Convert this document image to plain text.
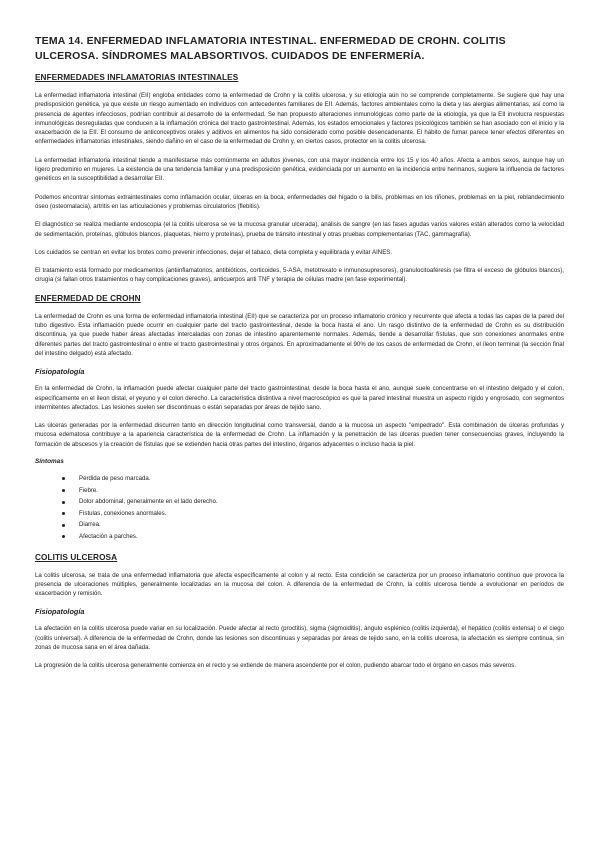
TEMA 14. ENFERMEDAD INFLAMATORIA INTESTINAL. ENFERMEDAD DE CROHN. COLITIS ULCEROSA. SÍNDROMES MALABSORTIVOS. CUIDADOS DE ENFERMERÍA.
ENFERMEDADES INFLAMATORIAS INTESTINALES

La enfermedad inflamatoria intestinal (EII) engloba entidades como la enfermedad de Crohn y la colitis ulcerosa, y su etiología aún no se comprende completamente. Se sugiere que hay una predisposición genética, ya que existe un riesgo aumentado en individuos con antecedentes familiares de EII. Además, factores ambientales como la dieta y las alergias alimentarias, así como la presencia de agentes infecciosos, podrían contribuir al desarrollo de la enfermedad. Se han propuesto alteraciones inmunológicas como parte de la etiología, ya que la EII involucra respuestas inmunológicas desreguladas que conducen a la inflamación crónica del tracto gastrointestinal. Además, los estados emocionales y factores psicológicos también se han asociado con el inicio y la exacerbación de la EII. El consumo de anticonceptivos orales y aditivos en alimentos ha sido considerado como posible desencadenante. El hábito de fumar parece tener efectos diferentes en enfermedades inflamatorias intestinales, siendo dañino en el caso de la enfermedad de Crohn y, en ciertos casos, protector en la colitis ulcerosa.

La enfermedad inflamatoria intestinal tiende a manifestarse más comúnmente en adultos jóvenes, con una mayor incidencia entre los 15 y los 40 años. Afecta a ambos sexos, aunque hay un ligero predominio en mujeres. La existencia de una tendencia familiar y una predisposición genética, evidenciada por un aumento en la incidencia entre hermanos, sugiere la influencia de factores genéticos en la susceptibilidad a desarrollar EII.

Podemos encontrar síntomas extraintestinales como inflamación ocular, úlceras en la boca, enfermedades del hígado o la bilis, problemas en los riñones, problemas en la piel, reblandecimiento óseo (osteomalacia), artritis en las articulaciones y problemas circulatorios (flebitis).

El diagnóstico se realiza mediante endoscopia (el la colitis ulcerosa se ve la mucosa granular ulcerada), análisis de sangre (en las fases agudas varios valores están alterados como la velocidad de sedimentación, proteínas, glóbulos blancos, plaquetas, hierro y proteínas), prueba de tránsito intestinal y otras pruebas complementarias (TAC, gammagrafía).

Los cuidados se centran en evitar los brotes como prevenir infecciones, dejar el tabaco, dieta completa y equilibrada y evitar AINES.

El tratamiento está formado por medicamentos (antiinflamatorios, antibióticos, corticoides, 5-ASA, metotrexato e inmunosupresores), granulocitoaféresis (se filtra el exceso de glóbulos blancos), cirugía (si fallan otros tratamientos o hay complicaciones graves), anticuerpos anti TNF y terapia de células madre (en fase experimental).

ENFERMEDAD DE CROHN

La enfermedad de Crohn es una forma de enfermedad inflamatoria intestinal (EII) que se caracteriza por un proceso inflamatorio crónico y recurrente que afecta a todas las capas de la pared del tubo digestivo. Esta inflamación puede ocurrir en cualquier parte del tracto gastrointestinal, desde la boca hasta el ano. Un rasgo distintivo de la enfermedad de Crohn es su distribución discontinua, ya que puede haber áreas afectadas intercaladas con zonas de intestino aparentemente normales. Además, tiende a desarrollar fístulas, que son conexiones anormales entre diferentes partes del tracto gastrointestinal o entre el tracto gastrointestinal y otros órganos. En aproximadamente el 90% de los casos de enfermedad de Crohn, el íleon terminal (la sección final del intestino delgado) está afectado.

Fisiopatología

En la enfermedad de Crohn, la inflamación puede afectar cualquier parte del tracto gastrointestinal, desde la boca hasta el ano, aunque suele concentrarse en el intestino delgado y el colon, específicamente en el íleon distal, el yeyuno y el colon derecho. La característica distintiva a nivel macroscópico es que la pared intestinal muestra un aspecto rígido y engrosado, con segmentos intermitentes afectados. Las lesiones suelen ser discontinuas o están separadas por áreas de tejido sano.

Las úlceras generadas por la enfermedad discurren tanto en dirección longitudinal como transversal, dando a la mucosa un aspecto "empedrado". Esta combinación de úlceras profundas y mucosa edematosa contribuye a la apariencia característica de la enfermedad de Crohn. La inflamación y la penetración de las úlceras pueden tener consecuencias graves, incluyendo la formación de abscesos y la creación de fístulas que se extienden hacia otras partes del intestino, órganos adyacentes o incluso hacia la piel.

Síntomas
Pérdida de peso marcada.
Fiebre.
Dolor abdominal, generalmente en el lado derecho.
Fístulas, conexiones anormales.
Diarrea.
Afectación a parches.
COLITIS ULCEROSA

La colitis ulcerosa, se trata de una enfermedad inflamatoria que afecta específicamente al colon y al recto. Esta condición se caracteriza por un proceso inflamatorio continuo que provoca la presencia de ulceraciones múltiples, generalmente localizadas en la mucosa del colon. A diferencia de la enfermedad de Crohn, la colitis ulcerosa tiende a evolucionar en períodos de exacerbación y remisión.

Fisiopatología

La afectación en la colitis ulcerosa puede variar en su localización. Puede afectar al recto (proctitis), sigma (sigmoiditis), ángulo esplénico (colitis izquierda), el hepático (colitis extensa) o el ciego (colitis universal). A diferencia de la enfermedad de Crohn, donde las lesiones son discontinuas y separadas por áreas de tejido sano, en la colitis ulcerosa, la afectación es siempre continua, sin zonas de mucosa sana en el área dañada.

La progresión de la colitis ulcerosa generalmente comienza en el recto y se extiende de manera ascendente por el colon, pudiendo abarcar todo el órgano en casos más severos.
